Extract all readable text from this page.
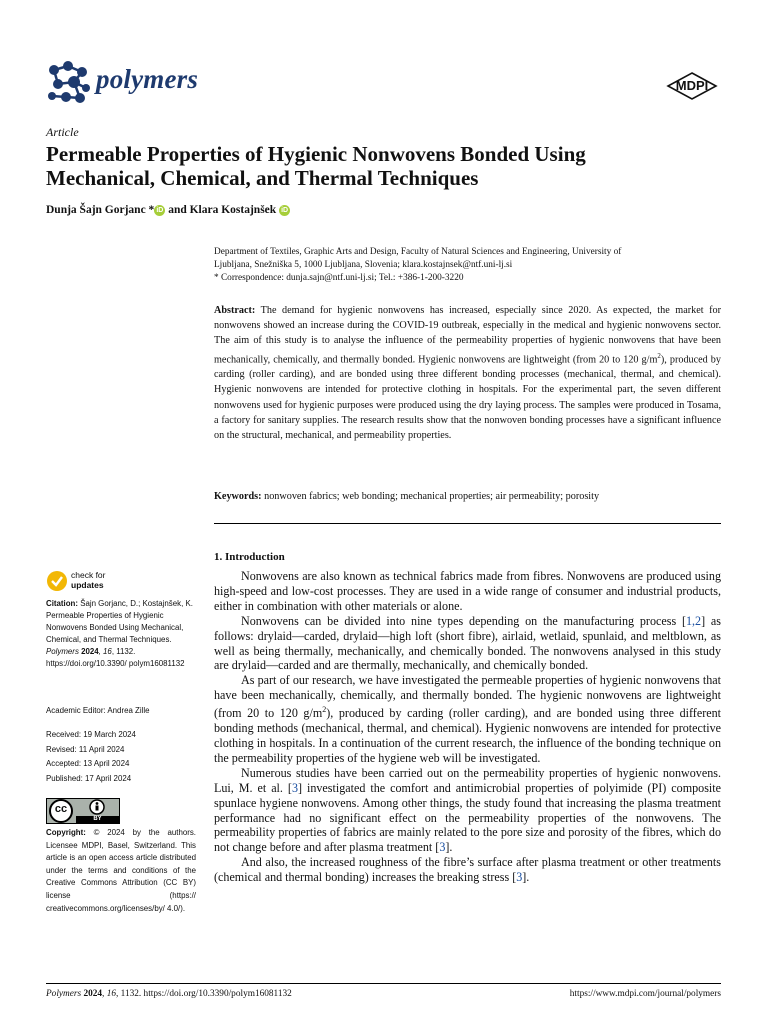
polymers	MDPI
Article
Permeable Properties of Hygienic Nonwovens Bonded Using
Mechanical, Chemical, and Thermal Techniques
Dunja Šajn Gorjanc * iD and Klara Kostajnšek iD
Department of Textiles, Graphic Arts and Design, Faculty of Natural Sciences and Engineering, University of
Ljubljana, Snežniška 5, 1000 Ljubljana, Slovenia; klara.kostajnsek@ntf.uni-lj.si
* Correspondence: dunja.sajn@ntf.uni-lj.si; Tel.: +386-1-200-3220
Abstract: The demand for hygienic nonwovens has increased, especially since 2020. As expected, the market for nonwovens showed an increase during the COVID-19 outbreak, especially in the medical and hygienic nonwovens sector. The aim of this study is to analyse the influence of the permeability properties of hygienic nonwovens that have been mechanically, chemically, and thermally bonded. Hygienic nonwovens are lightweight (from 20 to 120 $g/m^2$), produced by carding (roller carding), and are bonded using three different bonding processes (mechanical, thermal, and chemical). Hygienic nonwovens are intended for protective clothing in hospitals. For the experimental part, the seven different nonwovens used for hygienic purposes were produced using the dry laying process. The samples were produced in Tosama, a factory for sanitary supplies. The research results show that the nonwoven bonding processes have a significant influence on the structural, mechanical, and permeability properties.
Keywords: nonwoven fabrics; web bonding; mechanical properties; air permeability; porosity
check for
updates
Citation: Šajn Gorjanc, D.; Kostajnšek, K. Permeable Properties of Hygienic Nonwovens Bonded Using Mechanical, Chemical, and Thermal Techniques. Polymers 2024, 16, 1132. https://doi.org/10.3390/ polym16081132
Academic Editor: Andrea Zille
Received: 19 March 2024
Revised: 11 April 2024
Accepted: 13 April 2024
Published: 17 April 2024
cc
BY
Copyright: © 2024 by the authors. Licensee MDPI, Basel, Switzerland. This article is an open access article distributed under the terms and conditions of the Creative Commons Attribution (CC BY) license (https:// creativecommons.org/licenses/by/ 4.0/).
1. Introduction

Nonwovens are also known as technical fabrics made from fibres. Nonwovens are produced using high-speed and low-cost processes. They are used in a wide range of consumer and industrial products, either in combination with other materials or alone.

Nonwovens can be divided into nine types depending on the manufacturing process [1,2] as follows: drylaid—carded, drylaid—high loft (short fibre), airlaid, wetlaid, spunlaid, and meltblown, as well as being thermally, mechanically, and chemically bonded. The nonwovens analysed in this study are drylaid—carded and are thermally, mechanically, and chemically bonded.

As part of our research, we have investigated the permeable properties of hygienic nonwovens that have been mechanically, chemically, and thermally bonded. The hygienic nonwovens are lightweight (from 20 to 120 $g/m^2$), produced by carding (roller carding), and are bonded using three different bonding methods (mechanical, thermal, and chemical). Hygienic nonwovens are intended for protective clothing in hospitals. In a continuation of the current research, the influence of the bonding technique on the permeability properties of the hygiene web will be investigated.

Numerous studies have been carried out on the permeability properties of hygienic nonwovens. Lui, M. et al. [3] investigated the comfort and antimicrobial properties of polyimide (PI) composite spunlace hygiene nonwovens. Among other things, the study found that increasing the plasma treatment performance had no significant effect on the permeability properties of the nonwovens. The permeability properties of fabrics are mainly related to the pore size and porosity of the fibres, which do not change before and after plasma treatment [3].

And also, the increased roughness of the fibre’s surface after plasma treatment or other treatments (chemical and thermal bonding) increases the breaking stress [3].

Polymers 2024, 16, 1132. https://doi.org/10.3390/polym16081132	https://www.mdpi.com/journal/polymers
